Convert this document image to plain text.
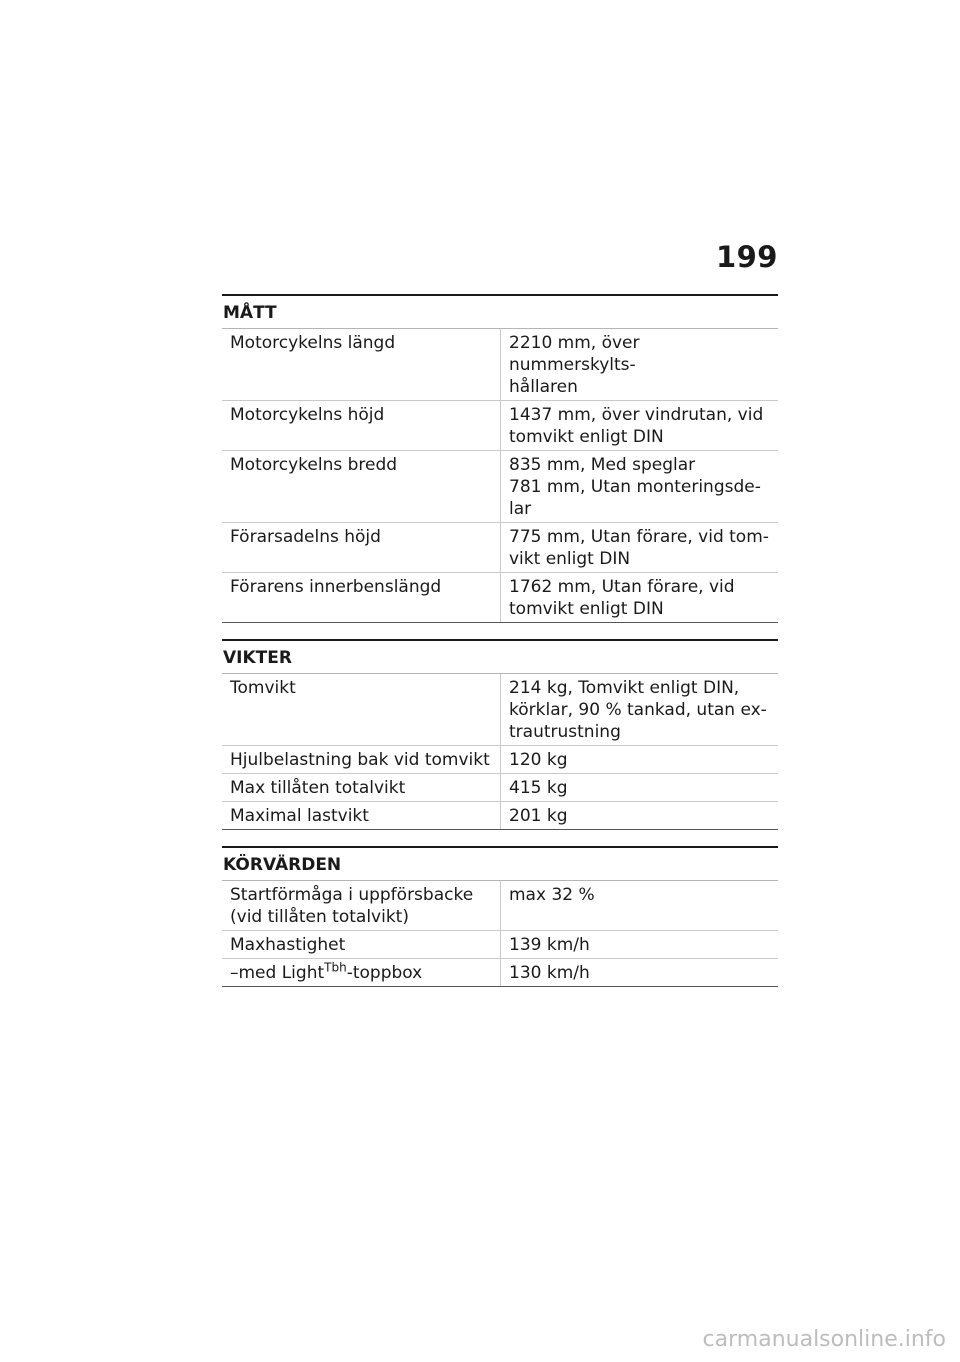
199
MÅTT
Motorcykelns längd	2210 mm, över nummerskylts-
hållaren

Motorcykelns höjd	1437 mm, över vindrutan, vid
tomvikt enligt DIN

Motorcykelns bredd	835 mm, Med speglar
781 mm, Utan monteringsde-
lar

Förarsadelns höjd	775 mm, Utan förare, vid tom-
vikt enligt DIN

Förarens innerbenslängd	1762 mm, Utan förare, vid
tomvikt enligt DIN
VIKTER
Tomvikt	214 kg, Tomvikt enligt DIN,
körklar, 90 % tankad, utan ex-
trautrustning

Hjulbelastning bak vid tomvikt	120 kg

Max tillåten totalvikt	415 kg

Maximal lastvikt	201 kg
KÖRVÄRDEN
Startförmåga i uppförsbacke (vid tillåten totalvikt)	max 32 %

Maxhastighet	139 km/h

–med Light$^{Tbh}$-toppbox	130 km/h
carmanualsonline.info
